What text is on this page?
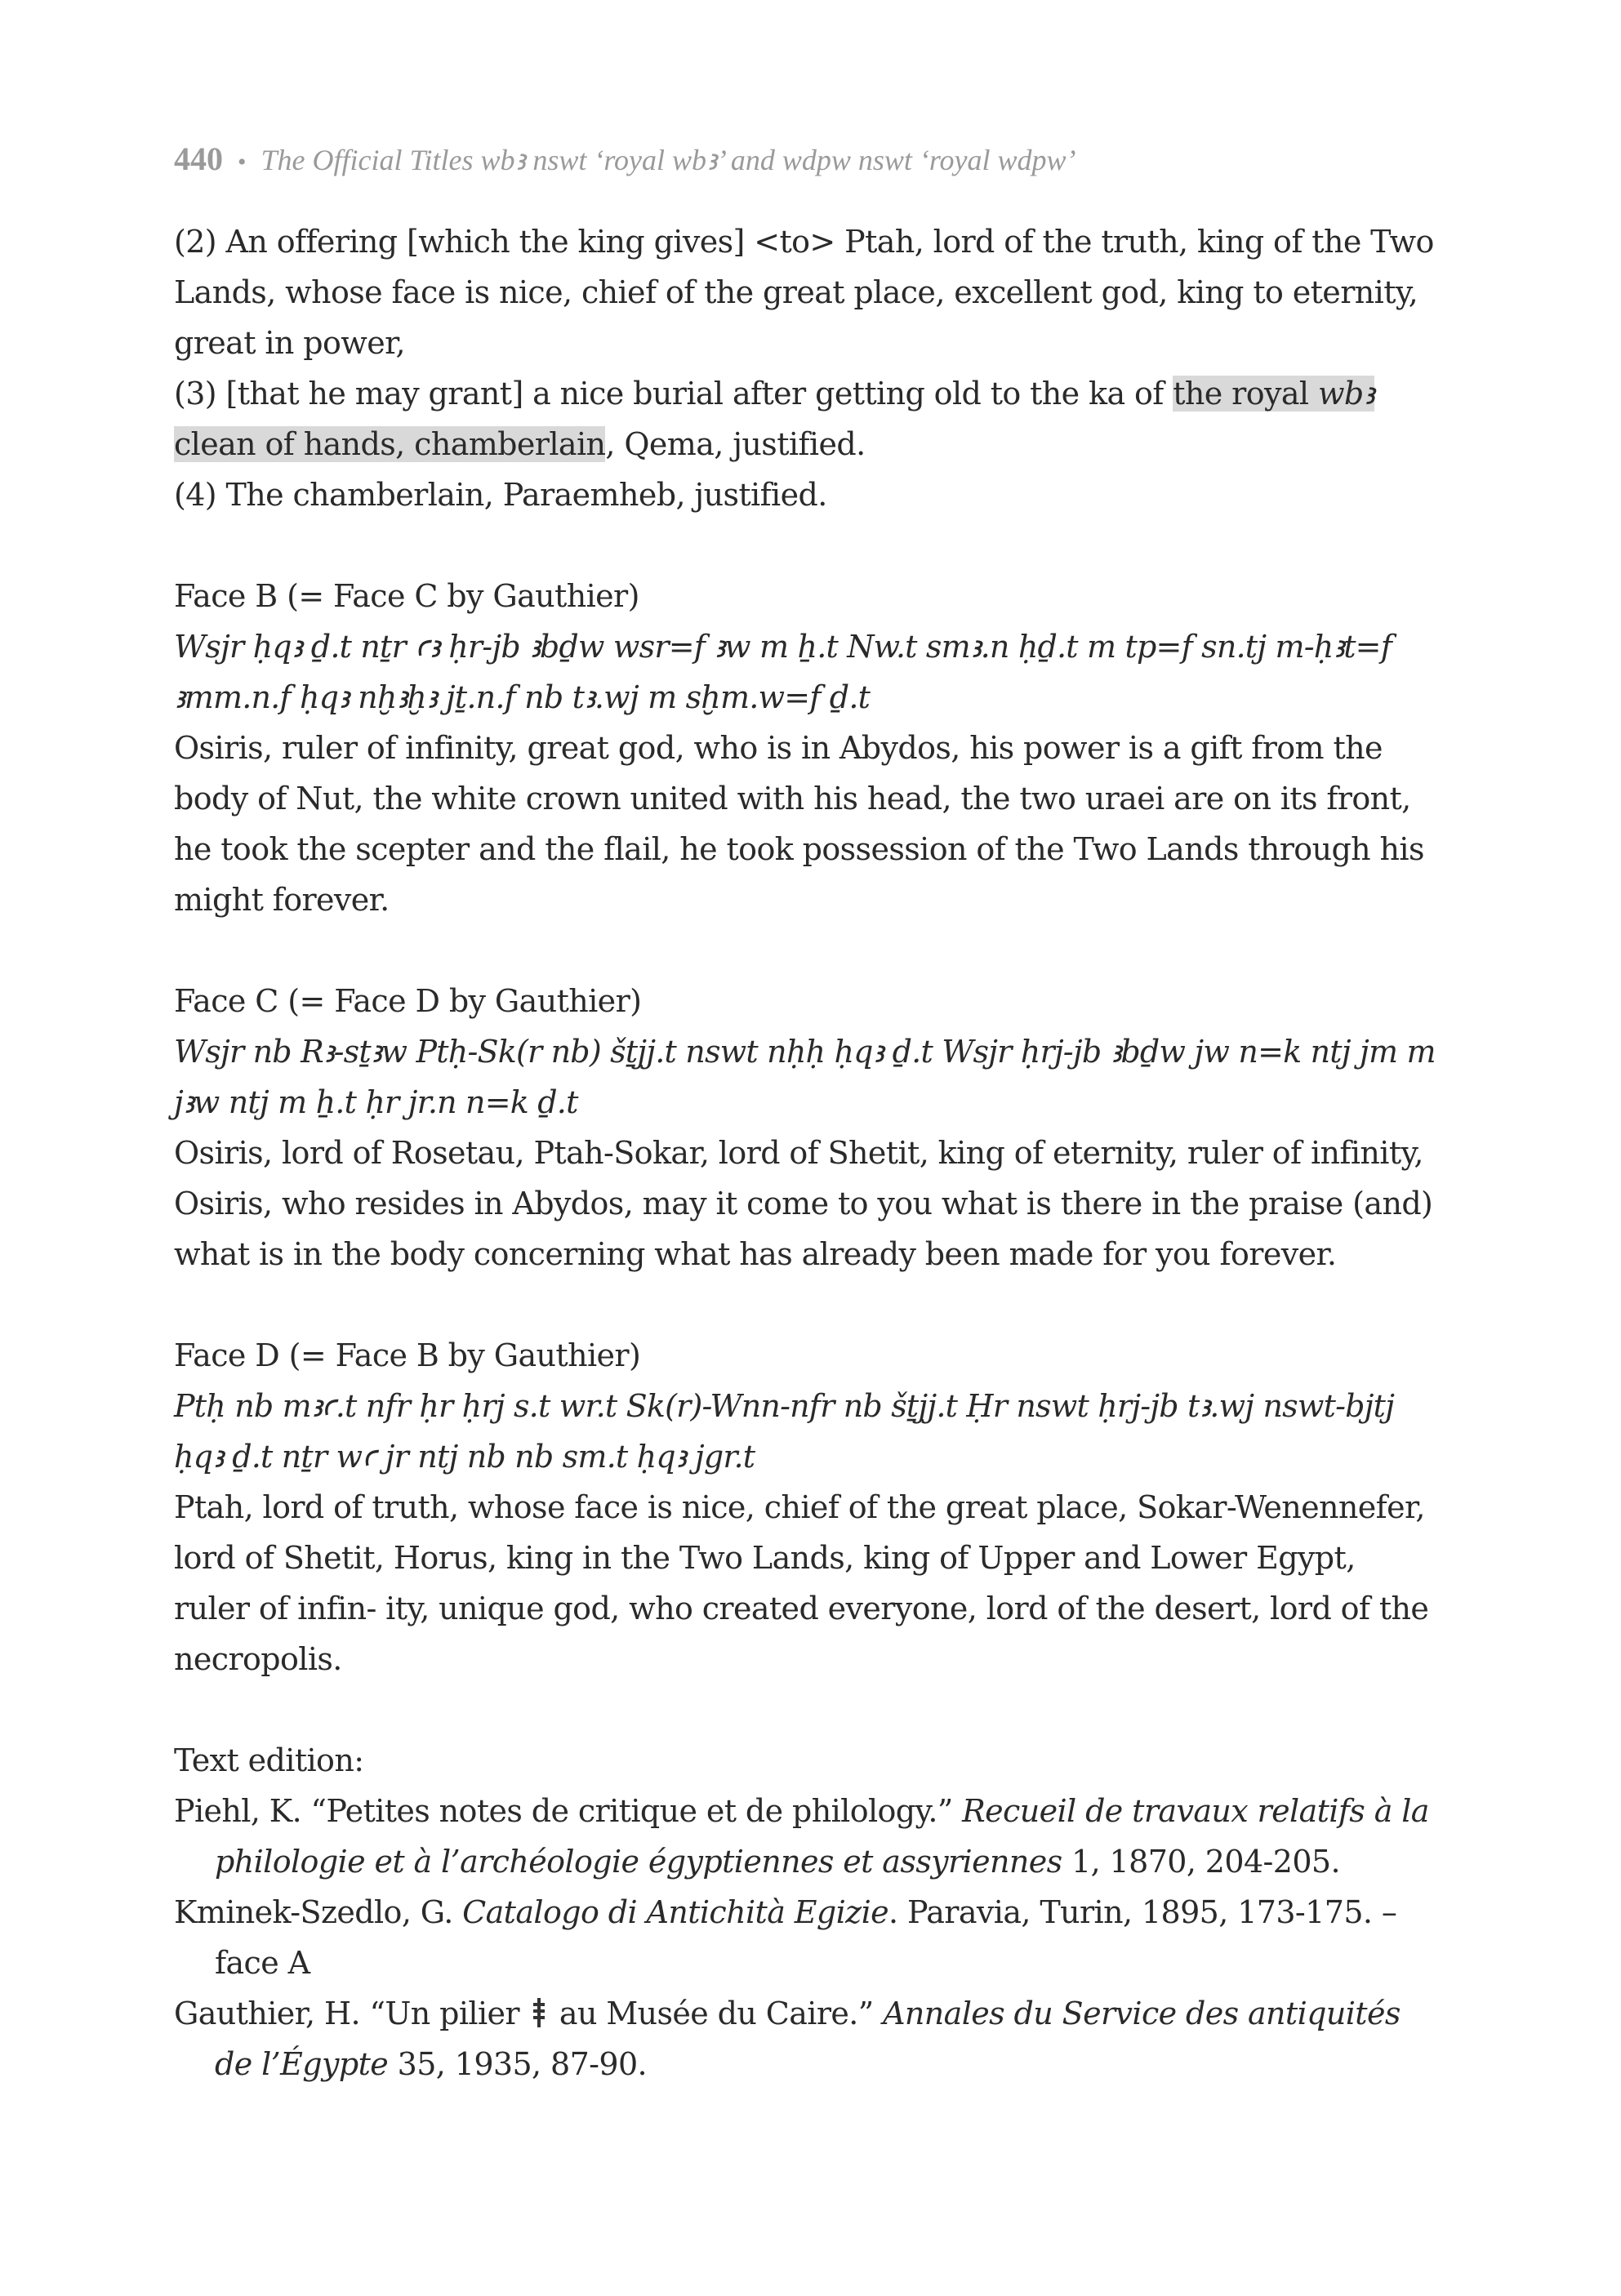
440 • The Official Titles wbꜣ nswt ‘royal wbꜣ’ and wdpw nswt ‘royal wdpw’

(2) An offering [which the king gives] <to> Ptah, lord of the truth, king of the Two Lands, whose face is nice, chief of the great place, excellent god, king to eternity, great in power,

(3) [that he may grant] a nice burial after getting old to the ka of the royal wbꜣ clean of hands, chamberlain, Qema, justified.

(4) The chamberlain, Paraemheb, justified.

Face B (= Face C by Gauthier)

Wsjr ḥqꜣ ḏ.t nṯr ꜥꜣ ḥr-jb ꜣbḏw wsr=f ꜣw m ẖ.t Nw.t smꜣ.n ḥḏ.t m tp=f sn.tj m-ḥꜣt=f ꜣmm.n.f ḥqꜣ nḫꜣḫꜣ jṯ.n.f nb tꜣ.wj m sḫm.w=f ḏ.t

Osiris, ruler of infinity, great god, who is in Abydos, his power is a gift from the body of Nut, the white crown united with his head, the two uraei are on its front, he took the scepter and the flail, he took possession of the Two Lands through his might forever.

Face C (= Face D by Gauthier)

Wsjr nb Rꜣ-sṯꜣw Ptḥ-Sk(r nb) šṯjj.t nswt nḥḥ ḥqꜣ ḏ.t Wsjr ḥrj-jb ꜣbḏw jw n=k ntj jm m jꜣw ntj m ẖ.t ḥr jr.n n=k ḏ.t

Osiris, lord of Rosetau, Ptah-Sokar, lord of Shetit, king of eternity, ruler of infinity, Osiris, who resides in Abydos, may it come to you what is there in the praise (and) what is in the body concerning what has already been made for you forever.

Face D (= Face B by Gauthier)

Ptḥ nb mꜣꜥ.t nfr ḥr ḥrj s.t wr.t Sk(r)-Wnn-nfr nb šṯjj.t Ḥr nswt ḥrj-jb tꜣ.wj nswt-bjtj ḥqꜣ ḏ.t nṯr wꜥ jr ntj nb nb sm.t ḥqꜣ jgr.t

Ptah, lord of truth, whose face is nice, chief of the great place, Sokar-Wenennefer, lord of Shetit, Horus, king in the Two Lands, king of Upper and Lower Egypt, ruler of infin- ity, unique god, who created everyone, lord of the desert, lord of the necropolis.

Text edition:

Piehl, K. “Petites notes de critique et de philology.” Recueil de travaux relatifs à la philologie et à l’archéologie égyptiennes et assyriennes 1, 1870, 204-205.

Kminek-Szedlo, G. Catalogo di Antichità Egizie. Paravia, Turin, 1895, 173-175. – face A

Gauthier, H. “Un pilier
au Musée du Caire.” Annales du Service des antiquités de l’Égypte 35, 1935, 87-90.
